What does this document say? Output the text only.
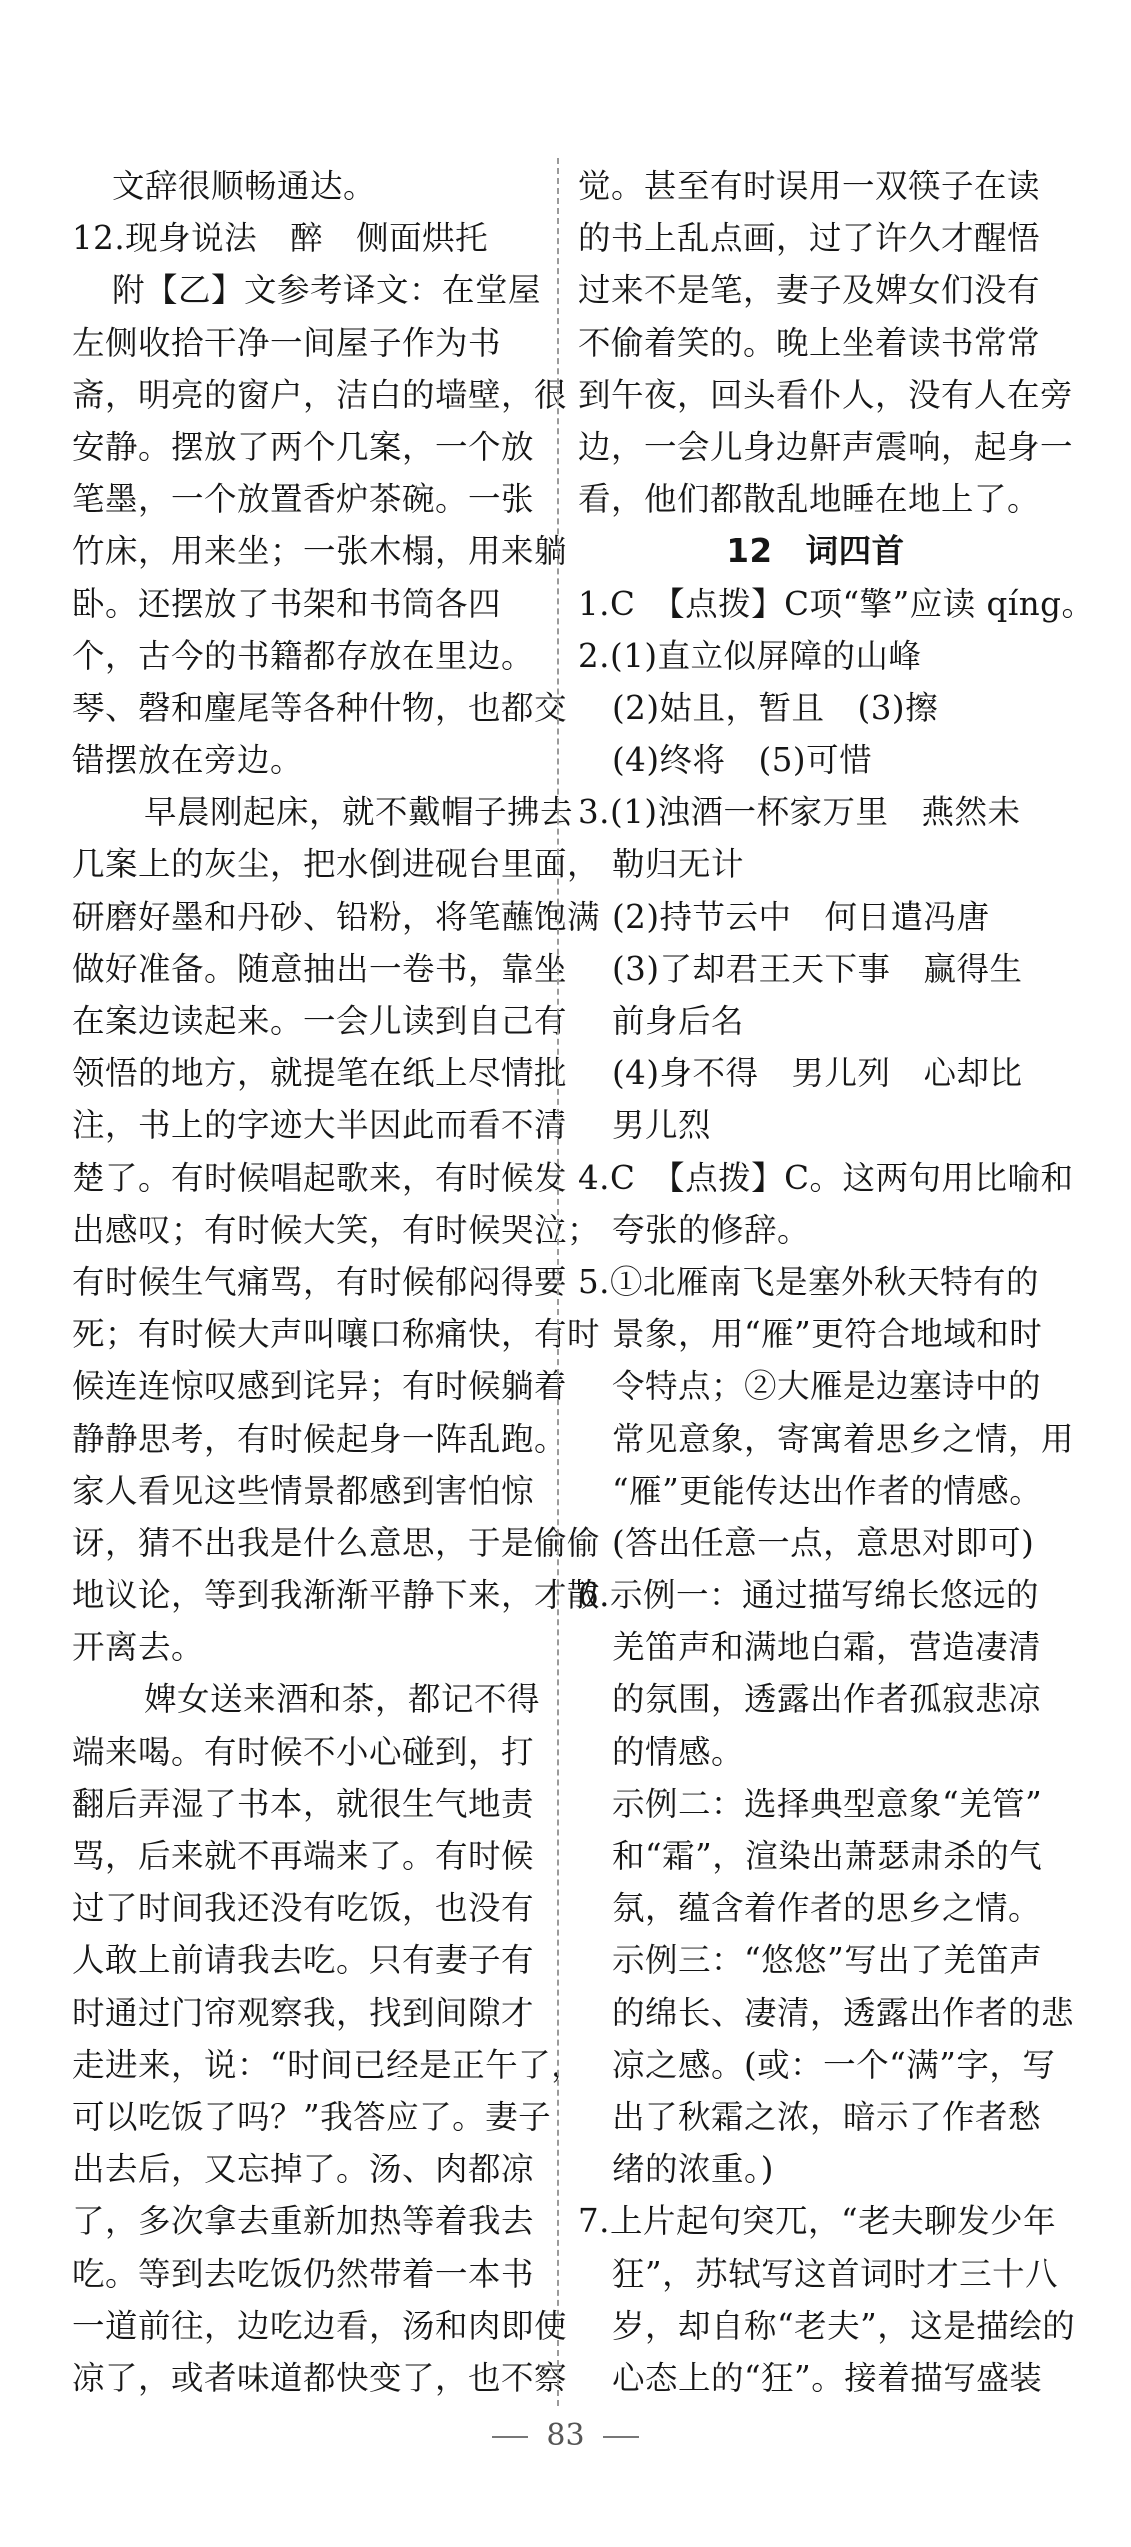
文辞很顺畅通达。
12.现身说法　醉　侧面烘托
附【乙】文参考译文：在堂屋
左侧收拾干净一间屋子作为书
斋，明亮的窗户，洁白的墙壁，很
安静。摆放了两个几案，一个放
笔墨，一个放置香炉茶碗。一张
竹床，用来坐；一张木榻，用来躺
卧。还摆放了书架和书筒各四
个，古今的书籍都存放在里边。
琴、磬和麈尾等各种什物，也都交
错摆放在旁边。
早晨刚起床，就不戴帽子拂去
几案上的灰尘，把水倒进砚台里面，
研磨好墨和丹砂、铅粉，将笔蘸饱满
做好准备。随意抽出一卷书，靠坐
在案边读起来。一会儿读到自己有
领悟的地方，就提笔在纸上尽情批
注，书上的字迹大半因此而看不清
楚了。有时候唱起歌来，有时候发
出感叹；有时候大笑，有时候哭泣；
有时候生气痛骂，有时候郁闷得要
死；有时候大声叫嚷口称痛快，有时
候连连惊叹感到诧异；有时候躺着
静静思考，有时候起身一阵乱跑。
家人看见这些情景都感到害怕惊
讶，猜不出我是什么意思，于是偷偷
地议论，等到我渐渐平静下来，才散
开离去。
婢女送来酒和茶，都记不得
端来喝。有时候不小心碰到，打
翻后弄湿了书本，就很生气地责
骂，后来就不再端来了。有时候
过了时间我还没有吃饭，也没有
人敢上前请我去吃。只有妻子有
时通过门帘观察我，找到间隙才
走进来，说：“时间已经是正午了，
可以吃饭了吗？”我答应了。妻子
出去后，又忘掉了。汤、肉都凉
了，多次拿去重新加热等着我去
吃。等到去吃饭仍然带着一本书
一道前往，边吃边看，汤和肉即使
凉了，或者味道都快变了，也不察
觉。甚至有时误用一双筷子在读
的书上乱点画，过了许久才醒悟
过来不是笔，妻子及婢女们没有
不偷着笑的。晚上坐着读书常常
到午夜，回头看仆人，没有人在旁
边，一会儿身边鼾声震响，起身一
看，他们都散乱地睡在地上了。
12　词四首
1.C　【点拨】C项“擎”应读 qíng。
2.(1)直立似屏障的山峰
(2)姑且，暂且　(3)擦
(4)终将　(5)可惜
3.(1)浊酒一杯家万里　燕然未
勒归无计
(2)持节云中　何日遣冯唐
(3)了却君王天下事　赢得生
前身后名
(4)身不得　男儿列　心却比
男儿烈
4.C　【点拨】C。这两句用比喻和
夸张的修辞。
5.①北雁南飞是塞外秋天特有的
景象，用“雁”更符合地域和时
令特点；②大雁是边塞诗中的
常见意象，寄寓着思乡之情，用
“雁”更能传达出作者的情感。
(答出任意一点，意思对即可)
6.示例一：通过描写绵长悠远的
羌笛声和满地白霜，营造凄清
的氛围，透露出作者孤寂悲凉
的情感。
示例二：选择典型意象“羌管”
和“霜”，渲染出萧瑟肃杀的气
氛，蕴含着作者的思乡之情。
示例三：“悠悠”写出了羌笛声
的绵长、凄清，透露出作者的悲
凉之感。(或：一个“满”字，写
出了秋霜之浓，暗示了作者愁
绪的浓重。)
7.上片起句突兀，“老夫聊发少年
狂”，苏轼写这首词时才三十八
岁，却自称“老夫”，这是描绘的
心态上的“狂”。接着描写盛装
83
